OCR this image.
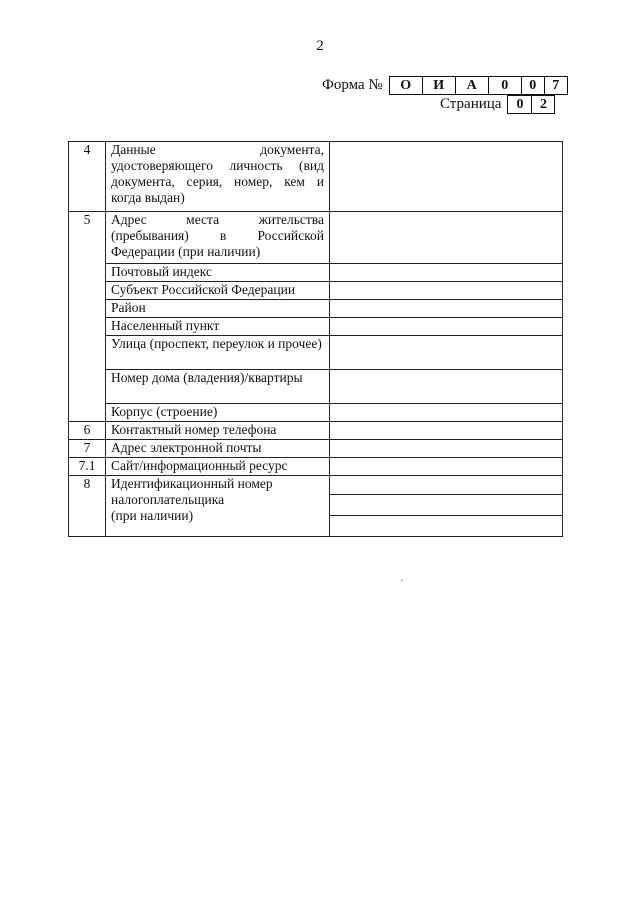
2
Форма №	О	И	А	0	0	7
Страница	0	2
4	Данные документа, удостоверяющего личность (вид документа, серия, номер, кем и когда выдан)	
5	Адрес места жительства (пребывания) в Российской Федерации (при наличии)	
	Почтовый индекс	
	Субъект Российской Федерации	
	Район	
	Населенный пункт	
	Улица (проспект, переулок и прочее)	
	Номер дома (владения)/квартиры	
	Корпус (строение)	
6	Контактный номер телефона	
7	Адрес электронной почты	
7.1	Сайт/информационный ресурс	
8	Идентификационный номер налогоплательщика
(при наличии)	
